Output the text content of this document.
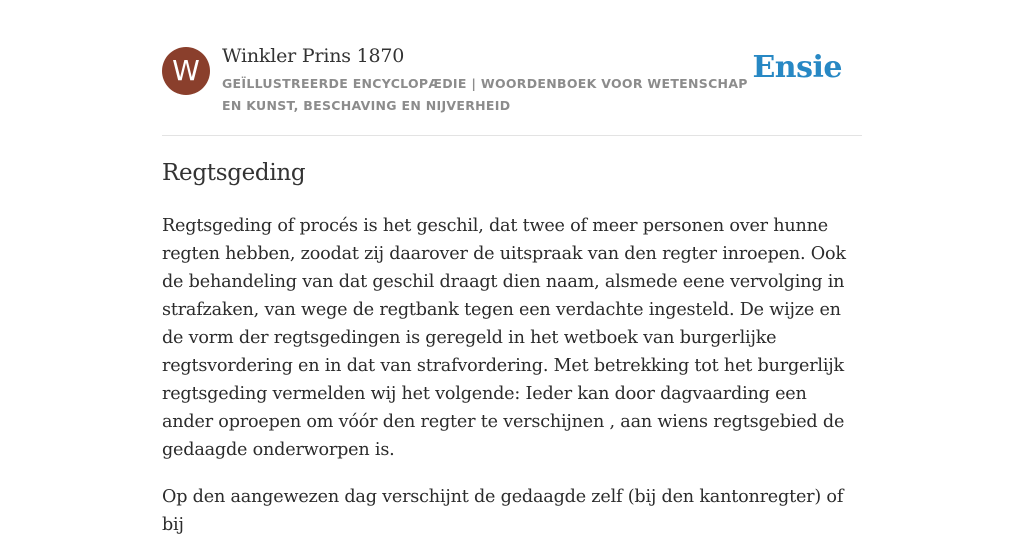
W	Winkler Prins 1870
GEÏLLUSTREERDE ENCYCLOPÆDIE | WOORDENBOEK VOOR WETENSCHAP EN KUNST, BESCHAVING EN NIJVERHEID
Ensie
Regtsgeding

Regtsgeding of procés is het geschil, dat twee of meer personen over hunne regten hebben, zoodat zij daarover de uitspraak van den regter inroepen. Ook de behandeling van dat geschil draagt dien naam, alsmede eene vervolging in strafzaken, van wege de regtbank tegen een verdachte ingesteld. De wijze en de vorm der regtsgedingen is geregeld in het wetboek van burgerlijke regtsvordering en in dat van strafvordering. Met betrekking tot het burgerlijk regtsgeding vermelden wij het volgende: Ieder kan door dagvaarding een ander oproepen om vóór den regter te verschijnen , aan wiens regtsgebied de gedaagde onderworpen is.

Op den aangewezen dag verschijnt de gedaagde zelf (bij den kantonregter) of bij
